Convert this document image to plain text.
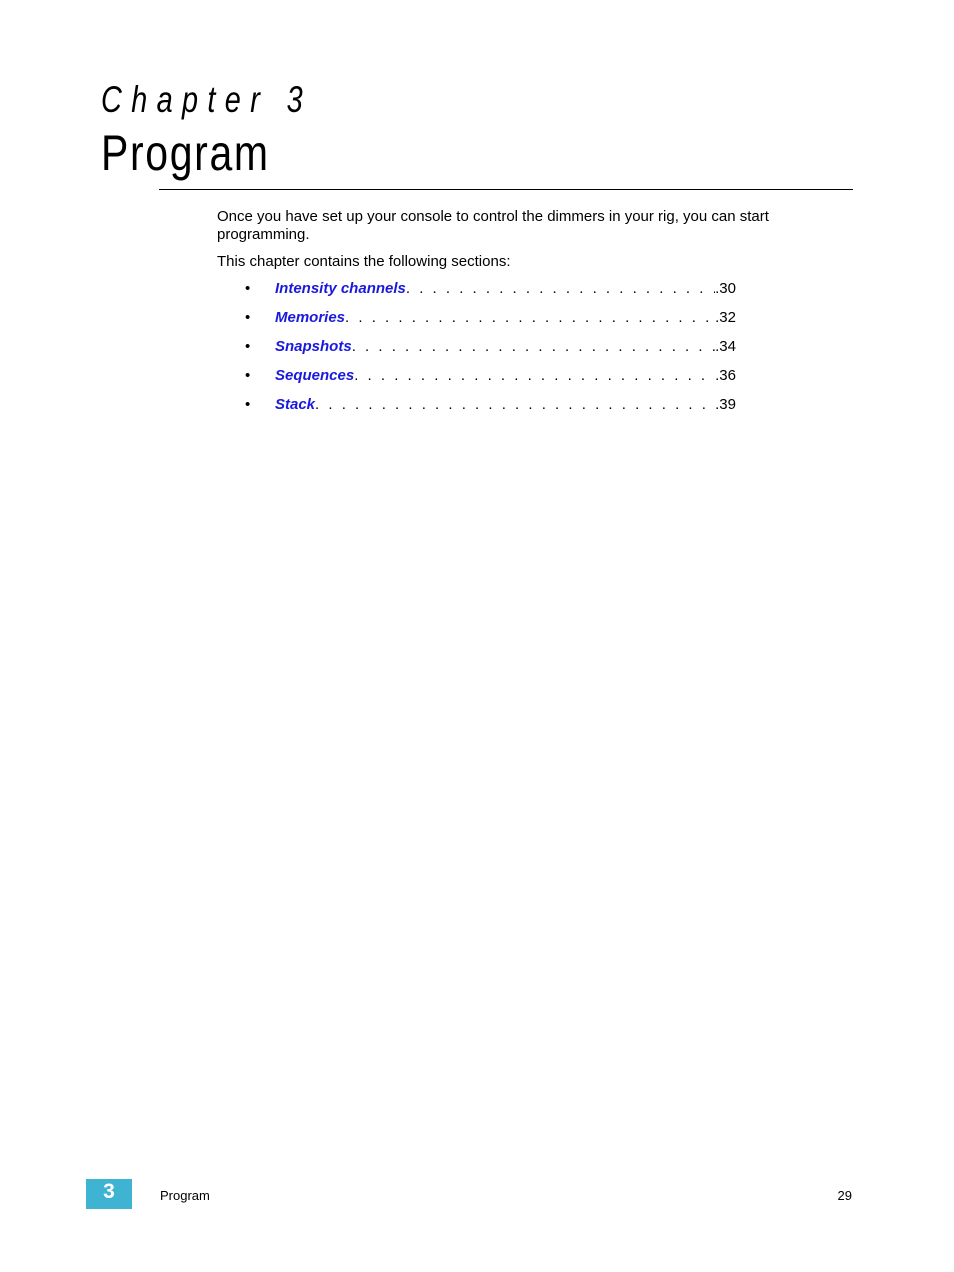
Chapter 3
Program

Once you have set up your console to control the dimmers in your rig, you can start programming.

This chapter contains the following sections:

• Intensity channels . . .	.30
• Memories . . .	.32
• Snapshots . . .	.34
• Sequences . . .	.36
• Stack . . .	.39
3	Program	29
